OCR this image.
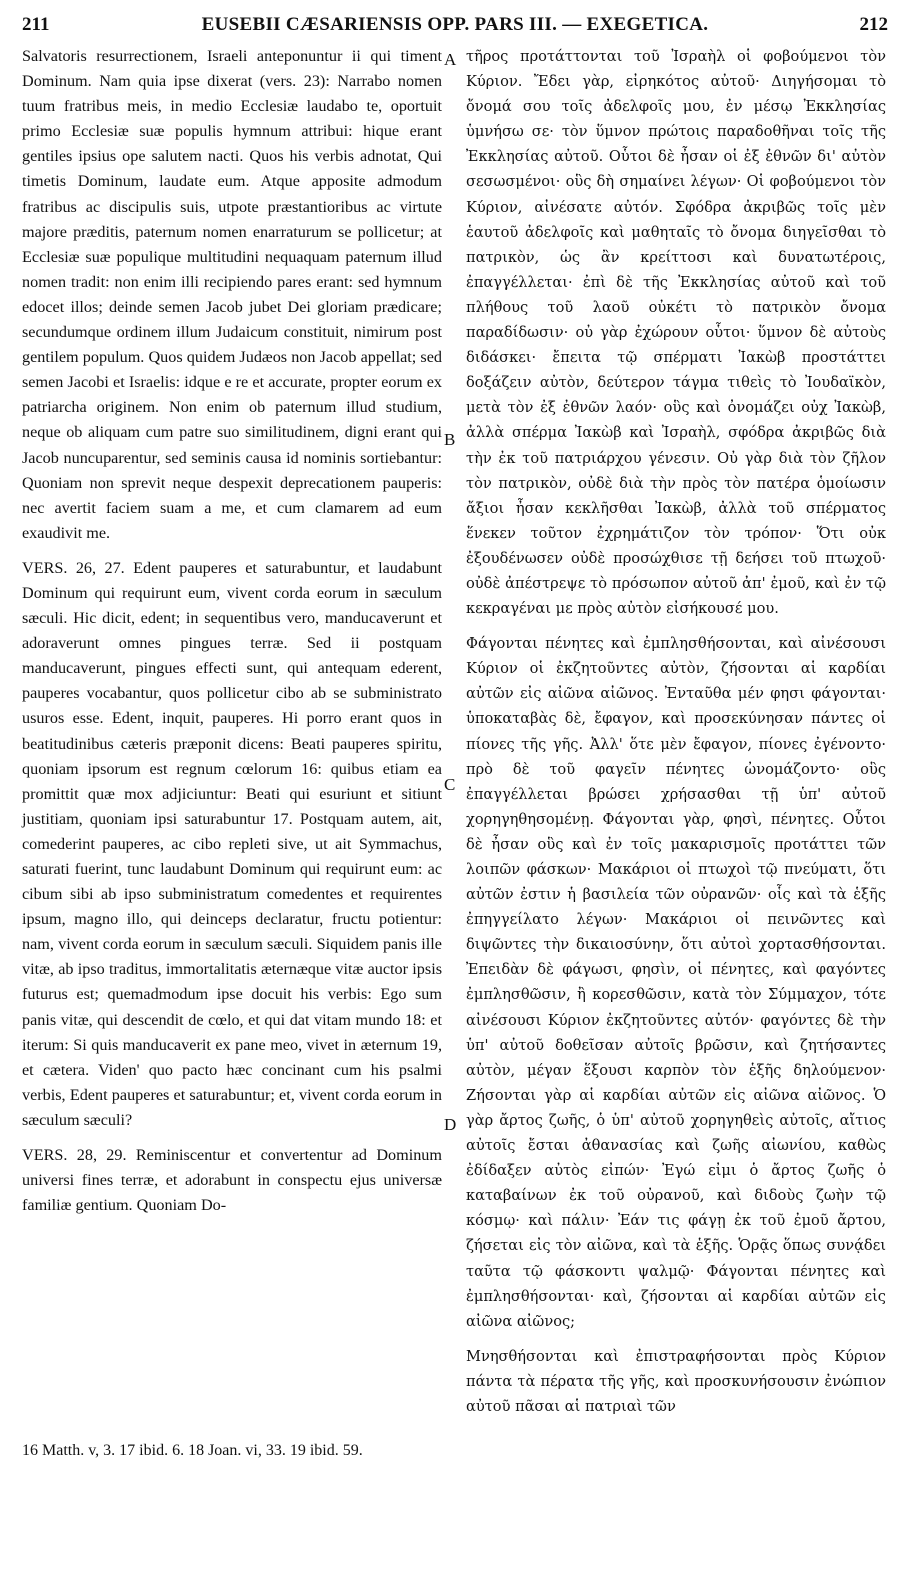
211	EUSEBII CÆSARIENSIS OPP. PARS III. — EXEGETICA.	212
A
B
C
D

Salvatoris resurrectionem, Israeli anteponuntur ii qui timent Dominum. Nam quia ipse dixerat (vers. 23): Narrabo nomen tuum fratribus meis, in medio Ecclesiæ laudabo te, oportuit primo Ecclesiæ suæ populis hymnum attribui: hique erant gentiles ipsius ope salutem nacti. Quos his verbis adnotat, Qui timetis Dominum, laudate eum. Atque apposite admodum fratribus ac discipulis suis, utpote præstantioribus ac virtute majore præditis, paternum nomen enarraturum se pollicetur; at Ecclesiæ suæ populique multitudini nequaquam paternum illud nomen tradit: non enim illi recipiendo pares erant: sed hymnum edocet illos; deinde semen Jacob jubet Dei gloriam prædicare; secundumque ordinem illum Judaicum constituit, nimirum post gentilem populum. Quos quidem Judæos non Jacob appellat; sed semen Jacobi et Israelis: idque e re et accurate, propter eorum ex patriarcha originem. Non enim ob paternum illud studium, neque ob aliquam cum patre suo similitudinem, digni erant qui Jacob nuncuparentur, sed seminis causa id nominis sortiebantur: Quoniam non sprevit neque despexit deprecationem pauperis: nec avertit faciem suam a me, et cum clamarem ad eum exaudivit me.

VERS. 26, 27. Edent pauperes et saturabuntur, et laudabunt Dominum qui requirunt eum, vivent corda eorum in sæculum sæculi. Hic dicit, edent; in sequentibus vero, manducaverunt et adoraverunt omnes pingues terræ. Sed ii postquam manducaverunt, pingues effecti sunt, qui antequam ederent, pauperes vocabantur, quos pollicetur cibo ab se subministrato usuros esse. Edent, inquit, pauperes. Hi porro erant quos in beatitudinibus cæteris præponit dicens: Beati pauperes spiritu, quoniam ipsorum est regnum cœlorum 16: quibus etiam ea promittit quæ mox adjiciuntur: Beati qui esuriunt et sitiunt justitiam, quoniam ipsi saturabuntur 17. Postquam autem, ait, comederint pauperes, ac cibo repleti sive, ut ait Symmachus, saturati fuerint, tunc laudabunt Dominum qui requirunt eum: ac cibum sibi ab ipso subministratum comedentes et requirentes ipsum, magno illo, qui deinceps declaratur, fructu potientur: nam, vivent corda eorum in sæculum sæculi. Siquidem panis ille vitæ, ab ipso traditus, immortalitatis æternæque vitæ auctor ipsis futurus est; quemadmodum ipse docuit his verbis: Ego sum panis vitæ, qui descendit de cœlo, et qui dat vitam mundo 18: et iterum: Si quis manducaverit ex pane meo, vivet in æternum 19, et cætera. Viden' quo pacto hæc concinant cum his psalmi verbis, Edent pauperes et saturabuntur; et, vivent corda eorum in sæculum sæculi?

VERS. 28, 29. Reminiscentur et convertentur ad Dominum universi fines terræ, et adorabunt in conspectu ejus universæ familiæ gentium. Quoniam Do-

τῆρος προτάττονται τοῦ Ἰσραὴλ οἱ φοβούμενοι τὸν Κύριον. Ἔδει γὰρ, εἰρηκότος αὐτοῦ· Διηγήσομαι τὸ ὄνομά σου τοῖς ἀδελφοῖς μου, ἐν μέσῳ Ἐκκλησίας ὑμνήσω σε· τὸν ὕμνον πρώτοις παραδοθῆναι τοῖς τῆς Ἐκκλησίας αὐτοῦ. Οὗτοι δὲ ἦσαν οἱ ἐξ ἐθνῶν δι' αὐτὸν σεσωσμένοι· οὓς δὴ σημαίνει λέγων· Οἱ φοβούμενοι τὸν Κύριον, αἰνέσατε αὐτόν. Σφόδρα ἀκριβῶς τοῖς μὲν ἑαυτοῦ ἀδελφοῖς καὶ μαθηταῖς τὸ ὄνομα διηγεῖσθαι τὸ πατρικὸν, ὡς ἂν κρείττοσι καὶ δυνατωτέροις, ἐπαγγέλλεται· ἐπὶ δὲ τῆς Ἐκκλησίας αὐτοῦ καὶ τοῦ πλήθους τοῦ λαοῦ οὐκέτι τὸ πατρικὸν ὄνομα παραδίδωσιν· οὐ γὰρ ἐχώρουν οὗτοι· ὕμνον δὲ αὐτοὺς διδάσκει· ἔπειτα τῷ σπέρματι Ἰακὼβ προστάττει δοξάζειν αὐτὸν, δεύτερον τάγμα τιθεὶς τὸ Ἰουδαϊκὸν, μετὰ τὸν ἐξ ἐθνῶν λαόν· οὓς καὶ ὀνομάζει οὐχ Ἰακὼβ, ἀλλὰ σπέρμα Ἰακὼβ καὶ Ἰσραὴλ, σφόδρα ἀκριβῶς διὰ τὴν ἐκ τοῦ πατριάρχου γένεσιν. Οὐ γὰρ διὰ τὸν ζῆλον τὸν πατρικὸν, οὐδὲ διὰ τὴν πρὸς τὸν πατέρα ὁμοίωσιν ἄξιοι ἦσαν κεκλῆσθαι Ἰακὼβ, ἀλλὰ τοῦ σπέρματος ἕνεκεν τοῦτον ἐχρημάτιζον τὸν τρόπον· Ὅτι οὐκ ἐξουδένωσεν οὐδὲ προσώχθισε τῇ δεήσει τοῦ πτωχοῦ· οὐδὲ ἀπέστρεψε τὸ πρόσωπον αὐτοῦ ἀπ' ἐμοῦ, καὶ ἐν τῷ κεκραγέναι με πρὸς αὐτὸν εἰσήκουσέ μου.

Φάγονται πένητες καὶ ἐμπλησθήσονται, καὶ αἰνέσουσι Κύριον οἱ ἐκζητοῦντες αὐτὸν, ζήσονται αἱ καρδίαι αὐτῶν εἰς αἰῶνα αἰῶνος. Ἐνταῦθα μέν φησι φάγονται· ὑποκαταβὰς δὲ, ἔφαγον, καὶ προσεκύνησαν πάντες οἱ πίονες τῆς γῆς. Ἀλλ' ὅτε μὲν ἔφαγον, πίονες ἐγένοντο· πρὸ δὲ τοῦ φαγεῖν πένητες ὠνομάζοντο· οὓς ἐπαγγέλλεται βρώσει χρήσασθαι τῇ ὑπ' αὐτοῦ χορηγηθησομένῃ. Φάγονται γὰρ, φησὶ, πένητες. Οὗτοι δὲ ἦσαν οὓς καὶ ἐν τοῖς μακαρισμοῖς προτάττει τῶν λοιπῶν φάσκων· Μακάριοι οἱ πτωχοὶ τῷ πνεύματι, ὅτι αὐτῶν ἐστιν ἡ βασιλεία τῶν οὐρανῶν· οἷς καὶ τὰ ἑξῆς ἐπηγγείλατο λέγων· Μακάριοι οἱ πεινῶντες καὶ διψῶντες τὴν δικαιοσύνην, ὅτι αὐτοὶ χορτασθήσονται. Ἐπειδὰν δὲ φάγωσι, φησὶν, οἱ πένητες, καὶ φαγόντες ἐμπλησθῶσιν, ἢ κορεσθῶσιν, κατὰ τὸν Σύμμαχον, τότε αἰνέσουσι Κύριον ἐκζητοῦντες αὐτόν· φαγόντες δὲ τὴν ὑπ' αὐτοῦ δοθεῖσαν αὐτοῖς βρῶσιν, καὶ ζητήσαντες αὐτὸν, μέγαν ἕξουσι καρπὸν τὸν ἑξῆς δηλούμενον· Ζήσονται γὰρ αἱ καρδίαι αὐτῶν εἰς αἰῶνα αἰῶνος. Ὁ γὰρ ἄρτος ζωῆς, ὁ ὑπ' αὐτοῦ χορηγηθεὶς αὐτοῖς, αἴτιος αὐτοῖς ἔσται ἀθανασίας καὶ ζωῆς αἰωνίου, καθὼς ἐδίδαξεν αὐτὸς εἰπών· Ἐγώ εἰμι ὁ ἄρτος ζωῆς ὁ καταβαίνων ἐκ τοῦ οὐρανοῦ, καὶ διδοὺς ζωὴν τῷ κόσμῳ· καὶ πάλιν· Ἐάν τις φάγῃ ἐκ τοῦ ἐμοῦ ἄρτου, ζήσεται εἰς τὸν αἰῶνα, καὶ τὰ ἑξῆς. Ὁρᾷς ὅπως συνᾴδει ταῦτα τῷ φάσκοντι ψαλμῷ· Φάγονται πένητες καὶ ἐμπλησθήσονται· καὶ, ζήσονται αἱ καρδίαι αὐτῶν εἰς αἰῶνα αἰῶνος;

Μνησθήσονται καὶ ἐπιστραφήσονται πρὸς Κύριον πάντα τὰ πέρατα τῆς γῆς, καὶ προσκυνήσουσιν ἐνώπιον αὐτοῦ πᾶσαι αἱ πατριαὶ τῶν

16 Matth. v, 3. 17 ibid. 6. 18 Joan. vi, 33. 19 ibid. 59.
